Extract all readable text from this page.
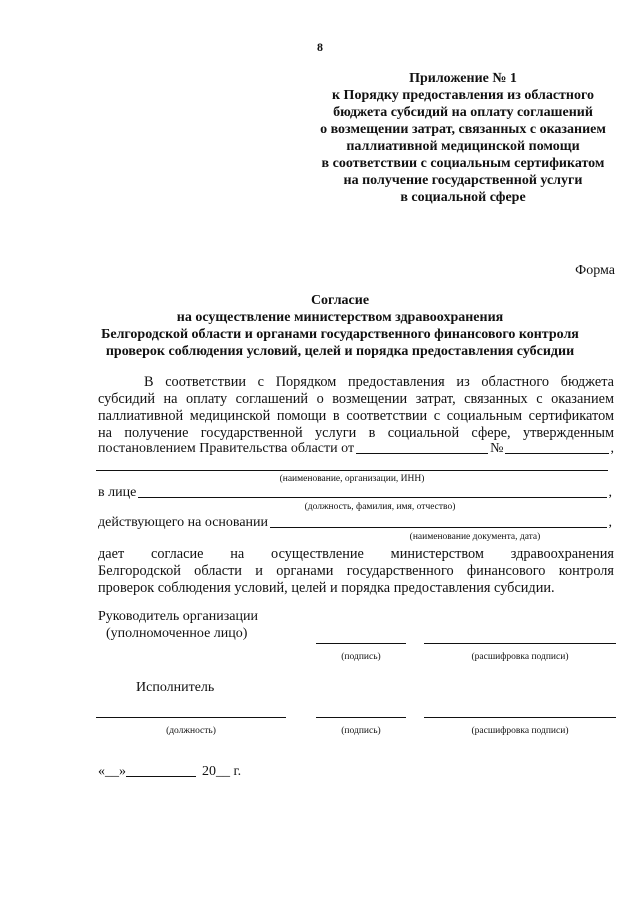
8
Приложение № 1
к Порядку предоставления из областного
бюджета субсидий на оплату соглашений
о возмещении затрат, связанных с оказанием
паллиативной медицинской помощи
в соответствии с социальным сертификатом
на получение государственной услуги
в социальной сфере
Форма
Согласие
на осуществление министерством здравоохранения
Белгородской области и органами государственного финансового контроля
проверок соблюдения условий, целей и порядка предоставления субсидии
В соответствии с Порядком предоставления из областного бюджета
субсидий на оплату соглашений о возмещении затрат, связанных с оказанием
паллиативной медицинской помощи в соответствии с социальным сертификатом
на получение государственной услуги в социальной сфере, утвержденным
постановлением Правительства области от	№	,
(наименование, организации, ИНН)
в лице	,
(должность, фамилия, имя, отчество)
действующего на основании	,
(наименование документа, дата)
дает согласие на осуществление министерством здравоохранения
Белгородской области и органами государственного финансового контроля
проверок соблюдения условий, целей и порядка предоставления субсидии.
Руководитель организации
(уполномоченное лицо)
(подпись)	(расшифровка подписи)
Исполнитель
(должность)	(подпись)	(расшифровка подписи)
«__»	20 __ г.
